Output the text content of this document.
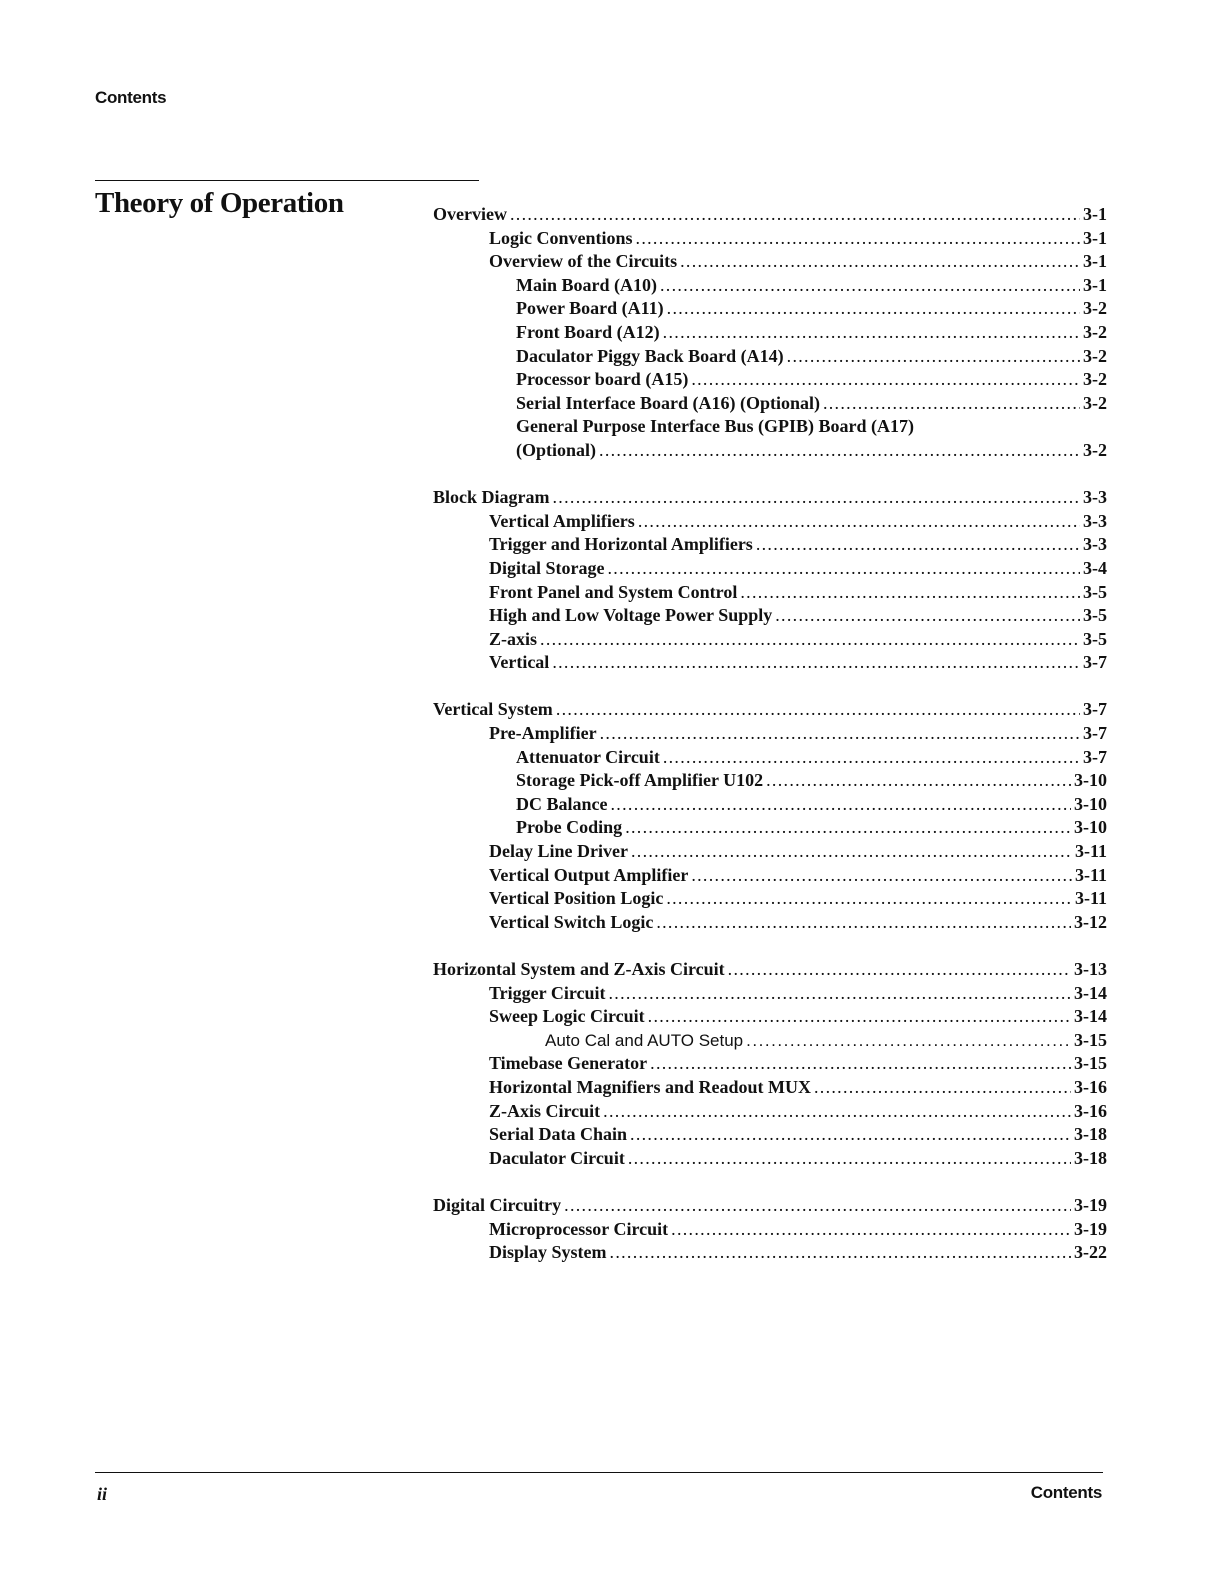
Contents
Theory of Operation	Overview . . .	3-1
Logic Conventions . . .	3-1
Overview of the Circuits . . .	3-1
Main Board (A10) . . .	3-1
Power Board (A11) . . .	3-2
Front Board (A12) . . .	3-2
Daculator Piggy Back Board (A14) . . .	3-2
Processor board (A15) . . .	3-2
Serial Interface Board (A16) (Optional) . . .	3-2
General Purpose Interface Bus (GPIB) Board (A17)
(Optional) . . .	3-2
Block Diagram . . .	3-3
Vertical Amplifiers . . .	3-3
Trigger and Horizontal Amplifiers . . .	3-3
Digital Storage . . .	3-4
Front Panel and System Control . . .	3-5
High and Low Voltage Power Supply . . .	3-5
Z-axis . . .	3-5
Vertical . . .	3-7
Vertical System . . .	3-7
Pre-Amplifier . . .	3-7
Attenuator Circuit . . .	3-7
Storage Pick-off Amplifier U102 . . .	3-10
DC Balance . . .	3-10
Probe Coding . . .	3-10
Delay Line Driver . . .	3-11
Vertical Output Amplifier . . .	3-11
Vertical Position Logic . . .	3-11
Vertical Switch Logic . . .	3-12
Horizontal System and Z-Axis Circuit . . .	3-13
Trigger Circuit . . .	3-14
Sweep Logic Circuit . . .	3-14
Auto Cal and AUTO Setup . . .	3-15
Timebase Generator . . .	3-15
Horizontal Magnifiers and Readout MUX . . .	3-16
Z-Axis Circuit . . .	3-16
Serial Data Chain . . .	3-18
Daculator Circuit . . .	3-18
Digital Circuitry . . .	3-19
Microprocessor Circuit . . .	3-19
Display System . . .	3-22
ii	Contents
